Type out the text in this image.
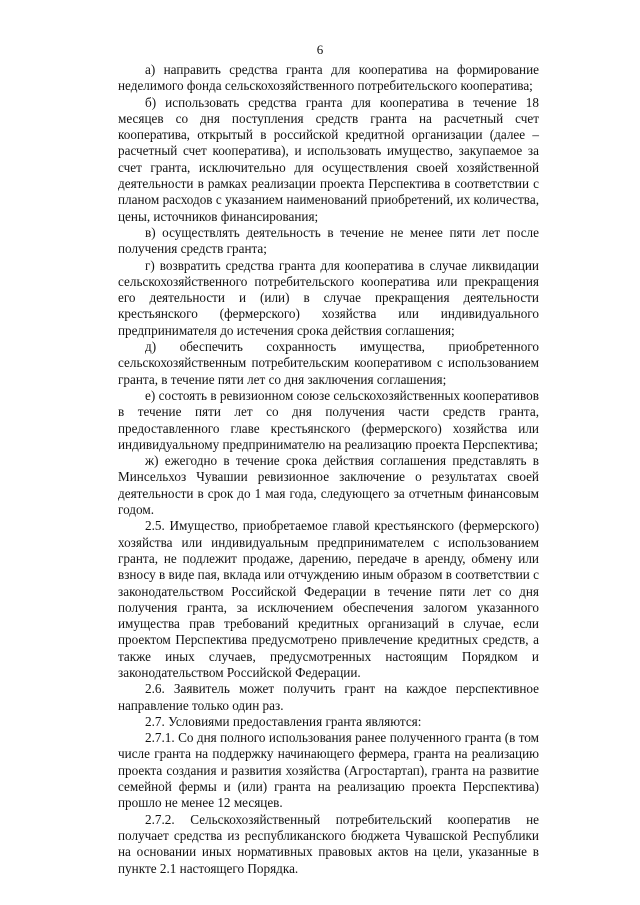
6

а) направить средства гранта для кооператива на формирование неделимого фонда сельскохозяйственного потребительского кооператива;

б) использовать средства гранта для кооператива в течение 18 месяцев со дня поступления средств гранта на расчетный счет кооператива, открытый в российской кредитной организации (далее – расчетный счет кооператива), и использовать имущество, закупаемое за счет гранта, исключительно для осуществления своей хозяйственной деятельности в рамках реализации проекта Перспектива в соответствии с планом расходов с указанием наименований приобретений, их количества, цены, источников финансирования;

в) осуществлять деятельность в течение не менее пяти лет после получения средств гранта;

г) возвратить средства гранта для кооператива в случае ликвидации сельскохозяйственного потребительского кооператива или прекращения его деятельности и (или) в случае прекращения деятельности крестьянского (фермерского) хозяйства или индивидуального предпринимателя до истечения срока действия соглашения;

д) обеспечить сохранность имущества, приобретенного сельскохозяйственным потребительским кооперативом с использованием гранта, в течение пяти лет со дня заключения соглашения;

е) состоять в ревизионном союзе сельскохозяйственных кооперативов в течение пяти лет со дня получения части средств гранта, предоставленного главе крестьянского (фермерского) хозяйства или индивидуальному предпринимателю на реализацию проекта Перспектива;

ж) ежегодно в течение срока действия соглашения представлять в Минсельхоз Чувашии ревизионное заключение о результатах своей деятельности в срок до 1 мая года, следующего за отчетным финансовым годом.

2.5. Имущество, приобретаемое главой крестьянского (фермерского) хозяйства или индивидуальным предпринимателем с использованием гранта, не подлежит продаже, дарению, передаче в аренду, обмену или взносу в виде пая, вклада или отчуждению иным образом в соответствии с законодательством Российской Федерации в течение пяти лет со дня получения гранта, за исключением обеспечения залогом указанного имущества прав требований кредитных организаций в случае, если проектом Перспектива предусмотрено привлечение кредитных средств, а также иных случаев, предусмотренных настоящим Порядком и законодательством Российской Федерации.

2.6. Заявитель может получить грант на каждое перспективное направление только один раз.

2.7. Условиями предоставления гранта являются:

2.7.1. Со дня полного использования ранее полученного гранта (в том числе гранта на поддержку начинающего фермера, гранта на реализацию проекта создания и развития хозяйства (Агростартап), гранта на развитие семейной фермы и (или) гранта на реализацию проекта Перспектива) прошло не менее 12 месяцев.

2.7.2. Сельскохозяйственный потребительский кооператив не получает средства из республиканского бюджета Чувашской Республики на основании иных нормативных правовых актов на цели, указанные в пункте 2.1 настоящего Порядка.
